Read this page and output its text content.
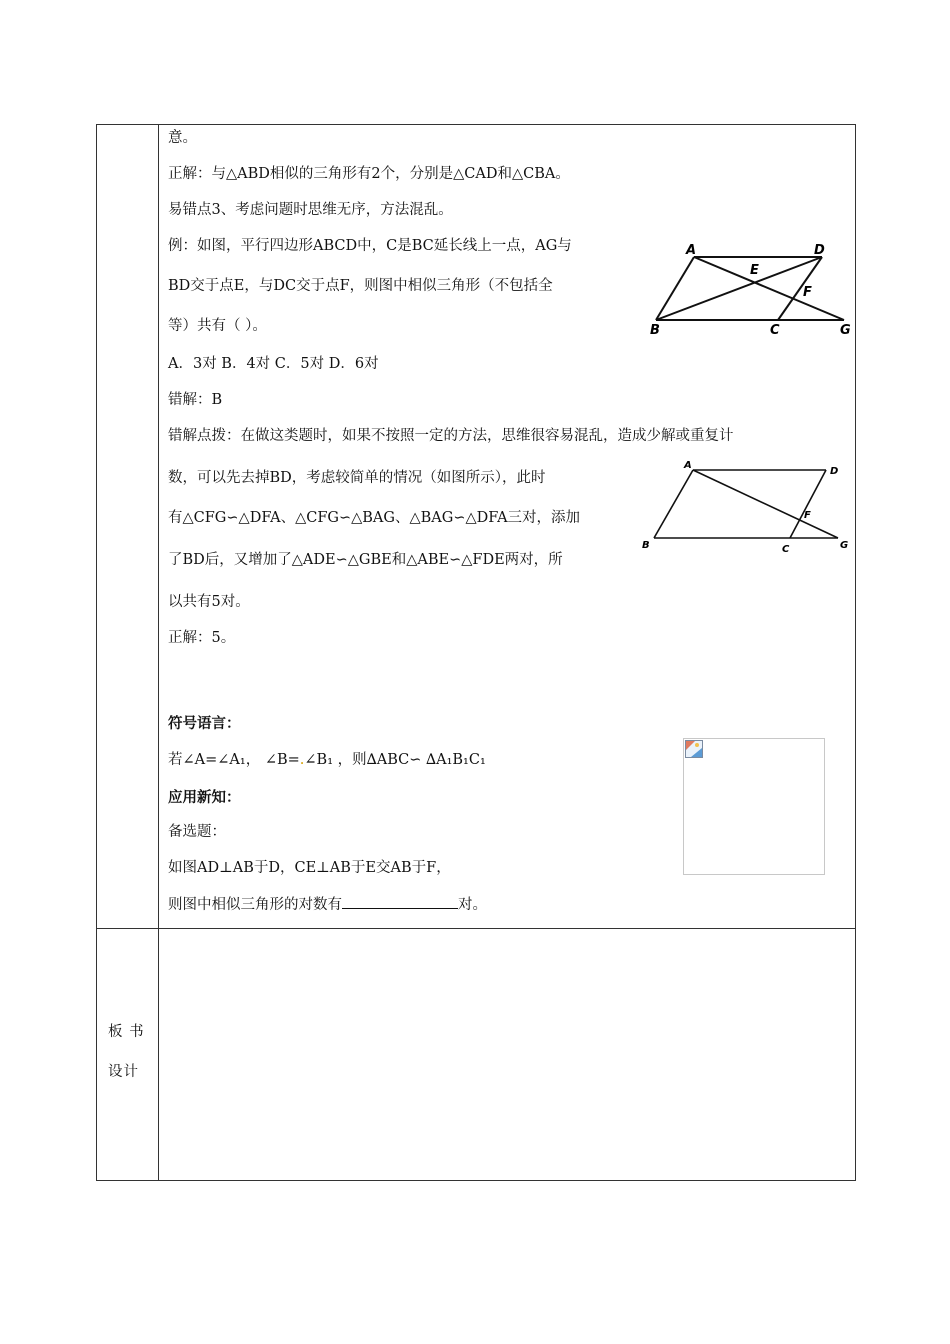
意。
正解：与△ABD相似的三角形有2个，分别是△CAD和△CBA。
易错点3、考虑问题时思维无序，方法混乱。
例：如图，平行四边形ABCD中，C是BC延长线上一点，AG与
BD交于点E，与DC交于点F，则图中相似三角形（不包括全
等）共有（ ）。
A．3对 B．4对 C．5对 D．6对
错解：B
错解点拨：在做这类题时，如果不按照一定的方法，思维很容易混乱，造成少解或重复计
数，可以先去掉BD，考虑较简单的情况（如图所示），此时
有△CFG∽△DFA、△CFG∽△BAG、△BAG∽△DFA三对，添加
了BD后，又增加了△ADE∽△GBE和△ABE∽△FDE两对，所
以共有5对。
正解：5。
符号语言：
若∠A=∠A₁， ∠B=.∠B₁ ，则∆ABC∽ ∆A₁B₁C₁
应用新知：
备选题：
如图AD⊥AB于D，CE⊥AB于E交AB于F，
则图中相似三角形的对数有	对。
板 书
设计
A	D
E
F
B	C	G
A
D
F
B	C	G
